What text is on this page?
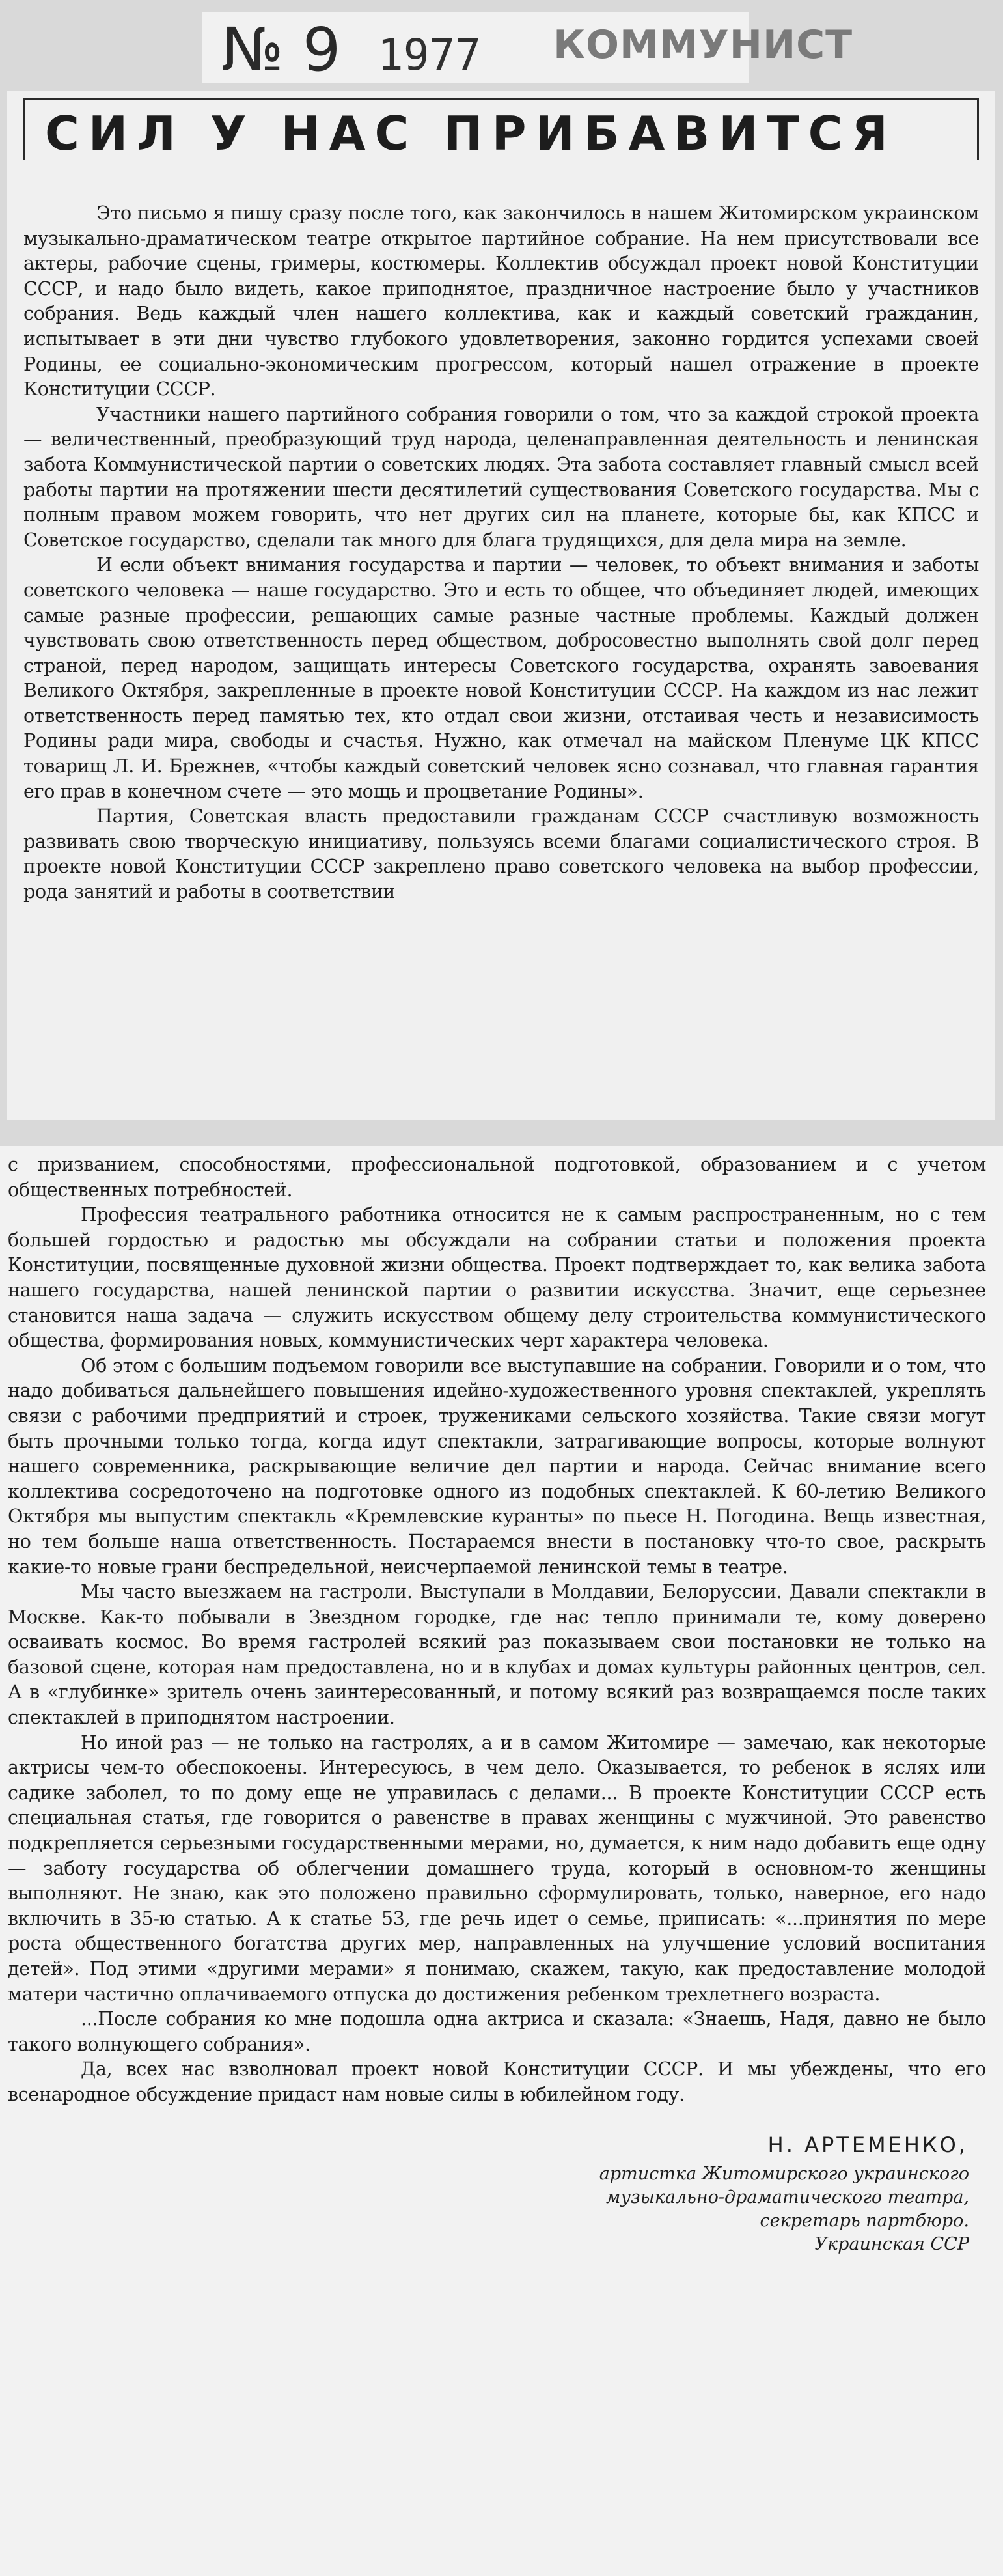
№ 9 1977 КОММУНИСТ
СИЛ У НАС ПРИБАВИТСЯ

Это письмо я пишу сразу после того, как закончилось в нашем Житомирском украинском музыкально-драматическом театре открытое партийное собрание. На нем присутствовали все актеры, рабочие сцены, гримеры, костюмеры. Коллектив обсуждал проект новой Конституции СССР, и надо было видеть, какое приподнятое, праздничное настроение было у участников собрания. Ведь каждый член нашего коллектива, как и каждый советский гражданин, испытывает в эти дни чувство глубокого удовлетворения, законно гордится успехами своей Родины, ее социально-экономическим прогрессом, который нашел отражение в проекте Конституции СССР.

Участники нашего партийного собрания говорили о том, что за каждой строкой проекта — величественный, преобразующий труд народа, целенаправленная деятельность и ленинская забота Коммунистической партии о советских людях. Эта забота составляет главный смысл всей работы партии на протяжении шести десятилетий существования Советского государства. Мы с полным правом можем говорить, что нет других сил на планете, которые бы, как КПСС и Советское государство, сделали так много для блага трудящихся, для дела мира на земле.

И если объект внимания государства и партии — человек, то объект внимания и заботы советского человека — наше государство. Это и есть то общее, что объединяет людей, имеющих самые разные профессии, решающих самые разные частные проблемы. Каждый должен чувствовать свою ответственность перед обществом, добросовестно выполнять свой долг перед страной, перед народом, защищать интересы Советского государства, охранять завоевания Великого Октября, закрепленные в проекте новой Конституции СССР. На каждом из нас лежит ответственность перед памятью тех, кто отдал свои жизни, отстаивая честь и независимость Родины ради мира, свободы и счастья. Нужно, как отмечал на майском Пленуме ЦК КПСС товарищ Л. И. Брежнев, «чтобы каждый советский человек ясно сознавал, что главная гарантия его прав в конечном счете — это мощь и процветание Родины».

Партия, Советская власть предоставили гражданам СССР счастливую возможность развивать свою творческую инициативу, пользуясь всеми благами социалистического строя. В проекте новой Конституции СССР закреплено право советского человека на выбор профессии, рода занятий и работы в соответствии

с призванием, способностями, профессиональной подготовкой, образованием и с учетом общественных потребностей.

Профессия театрального работника относится не к самым распространенным, но с тем большей гордостью и радостью мы обсуждали на собрании статьи и положения проекта Конституции, посвященные духовной жизни общества. Проект подтверждает то, как велика забота нашего государства, нашей ленинской партии о развитии искусства. Значит, еще серьезнее становится наша задача — служить искусством общему делу строительства коммунистического общества, формирования новых, коммунистических черт характера человека.

Об этом с большим подъемом говорили все выступавшие на собрании. Говорили и о том, что надо добиваться дальнейшего повышения идейно-художественного уровня спектаклей, укреплять связи с рабочими предприятий и строек, тружениками сельского хозяйства. Такие связи могут быть прочными только тогда, когда идут спектакли, затрагивающие вопросы, которые волнуют нашего современника, раскрывающие величие дел партии и народа. Сейчас внимание всего коллектива сосредоточено на подготовке одного из подобных спектаклей. К 60-летию Великого Октября мы выпустим спектакль «Кремлевские куранты» по пьесе Н. Погодина. Вещь известная, но тем больше наша ответственность. Постараемся внести в постановку что-то свое, раскрыть какие-то новые грани беспредельной, неисчерпаемой ленинской темы в театре.

Мы часто выезжаем на гастроли. Выступали в Молдавии, Белоруссии. Давали спектакли в Москве. Как-то побывали в Звездном городке, где нас тепло принимали те, кому доверено осваивать космос. Во время гастролей всякий раз показываем свои постановки не только на базовой сцене, которая нам предоставлена, но и в клубах и домах культуры районных центров, сел. А в «глубинке» зритель очень заинтересованный, и потому всякий раз возвращаемся после таких спектаклей в приподнятом настроении.

Но иной раз — не только на гастролях, а и в самом Житомире — замечаю, как некоторые актрисы чем-то обеспокоены. Интересуюсь, в чем дело. Оказывается, то ребенок в яслях или садике заболел, то по дому еще не управилась с делами... В проекте Конституции СССР есть специальная статья, где говорится о равенстве в правах женщины с мужчиной. Это равенство подкрепляется серьезными государственными мерами, но, думается, к ним надо добавить еще одну — заботу государства об облегчении домашнего труда, который в основном-то женщины выполняют. Не знаю, как это положено правильно сформулировать, только, наверное, его надо включить в 35-ю статью. А к статье 53, где речь идет о семье, приписать: «...принятия по мере роста общественного богатства других мер, направленных на улучшение условий воспитания детей». Под этими «другими мерами» я понимаю, скажем, такую, как предоставление молодой матери частично оплачиваемого отпуска до достижения ребенком трехлетнего возраста.

...После собрания ко мне подошла одна актриса и сказала: «Знаешь, Надя, давно не было такого волнующего собрания».

Да, всех нас взволновал проект новой Конституции СССР. И мы убеждены, что его всенародное обсуждение придаст нам новые силы в юбилейном году.

Н. АРТЕМЕНКО,
артистка Житомирского украинского
музыкально-драматического театра,
секретарь партбюро.
Украинская ССР
